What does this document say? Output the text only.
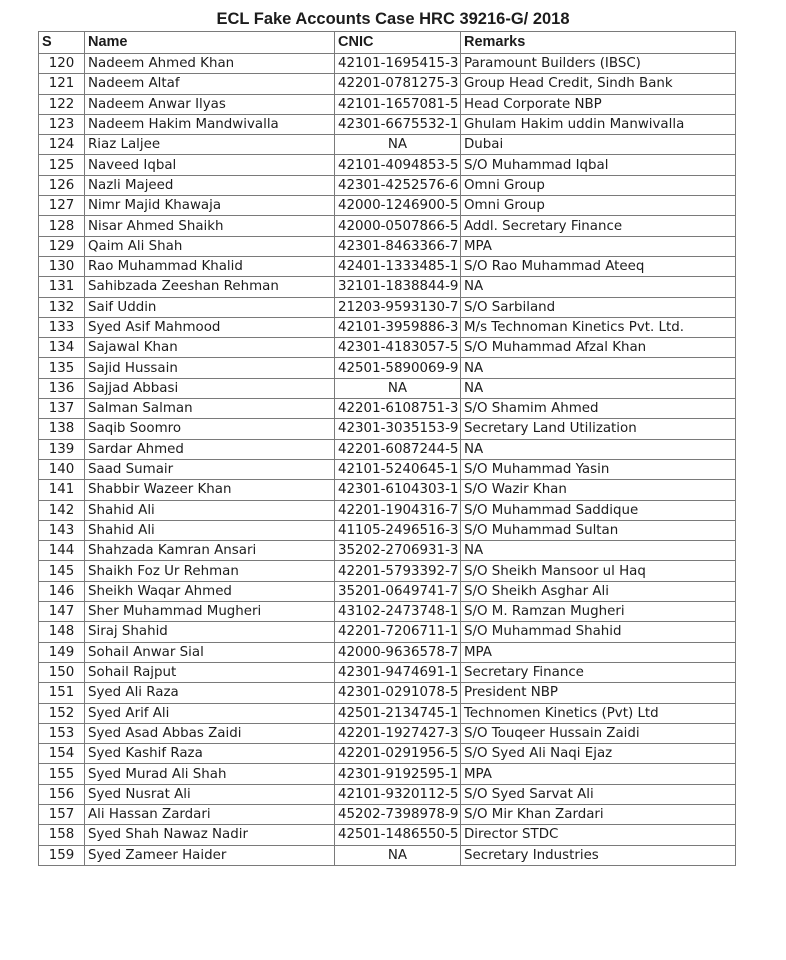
ECL Fake Accounts Case HRC 39216-G/ 2018
S	Name	CNIC	Remarks
120	Nadeem Ahmed Khan	42101-1695415-3	Paramount Builders (IBSC)
121	Nadeem Altaf	42201-0781275-3	Group Head Credit, Sindh Bank
122	Nadeem Anwar Ilyas	42101-1657081-5	Head Corporate NBP
123	Nadeem Hakim Mandwivalla	42301-6675532-1	Ghulam Hakim uddin Manwivalla
124	Riaz Laljee	NA	Dubai
125	Naveed Iqbal	42101-4094853-5	S/O Muhammad Iqbal
126	Nazli Majeed	42301-4252576-6	Omni Group
127	Nimr Majid Khawaja	42000-1246900-5	Omni Group
128	Nisar Ahmed Shaikh	42000-0507866-5	Addl. Secretary Finance
129	Qaim Ali Shah	42301-8463366-7	MPA
130	Rao Muhammad Khalid	42401-1333485-1	S/O Rao Muhammad Ateeq
131	Sahibzada Zeeshan Rehman	32101-1838844-9	NA
132	Saif Uddin	21203-9593130-7	S/O Sarbiland
133	Syed Asif Mahmood	42101-3959886-3	M/s Technoman Kinetics Pvt. Ltd.
134	Sajawal Khan	42301-4183057-5	S/O Muhammad Afzal Khan
135	Sajid Hussain	42501-5890069-9	NA
136	Sajjad Abbasi	NA	NA
137	Salman Salman	42201-6108751-3	S/O Shamim Ahmed
138	Saqib Soomro	42301-3035153-9	Secretary Land Utilization
139	Sardar Ahmed	42201-6087244-5	NA
140	Saad Sumair	42101-5240645-1	S/O Muhammad Yasin
141	Shabbir Wazeer Khan	42301-6104303-1	S/O Wazir Khan
142	Shahid Ali	42201-1904316-7	S/O Muhammad Saddique
143	Shahid Ali	41105-2496516-3	S/O Muhammad Sultan
144	Shahzada Kamran Ansari	35202-2706931-3	NA
145	Shaikh Foz Ur Rehman	42201-5793392-7	S/O Sheikh Mansoor ul Haq
146	Sheikh Waqar Ahmed	35201-0649741-7	S/O Sheikh Asghar Ali
147	Sher Muhammad Mugheri	43102-2473748-1	S/O M. Ramzan Mugheri
148	Siraj Shahid	42201-7206711-1	S/O Muhammad Shahid
149	Sohail Anwar Sial	42000-9636578-7	MPA
150	Sohail Rajput	42301-9474691-1	Secretary Finance
151	Syed Ali Raza	42301-0291078-5	President NBP
152	Syed Arif Ali	42501-2134745-1	Technomen Kinetics (Pvt) Ltd
153	Syed Asad Abbas Zaidi	42201-1927427-3	S/O Touqeer Hussain Zaidi
154	Syed Kashif Raza	42201-0291956-5	S/O Syed Ali Naqi Ejaz
155	Syed Murad Ali Shah	42301-9192595-1	MPA
156	Syed Nusrat Ali	42101-9320112-5	S/O Syed Sarvat Ali
157	Ali Hassan Zardari	45202-7398978-9	S/O Mir Khan Zardari
158	Syed Shah Nawaz Nadir	42501-1486550-5	Director STDC
159	Syed Zameer Haider	NA	Secretary Industries
